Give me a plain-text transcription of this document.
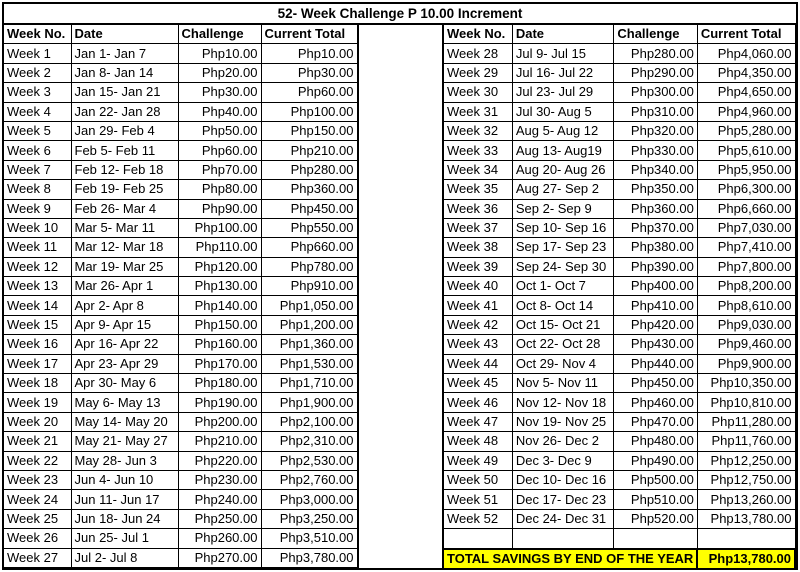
52- Week Challenge P 10.00 Increment
Week No.	Date	Challenge	Current Total
Week 1	Jan 1- Jan 7	Php10.00	Php10.00
Week 2	Jan 8- Jan 14	Php20.00	Php30.00
Week 3	Jan 15- Jan 21	Php30.00	Php60.00
Week 4	Jan 22- Jan 28	Php40.00	Php100.00
Week 5	Jan 29- Feb 4	Php50.00	Php150.00
Week 6	Feb 5- Feb 11	Php60.00	Php210.00
Week 7	Feb 12- Feb 18	Php70.00	Php280.00
Week 8	Feb 19- Feb 25	Php80.00	Php360.00
Week 9	Feb 26- Mar 4	Php90.00	Php450.00
Week 10	Mar 5- Mar 11	Php100.00	Php550.00
Week 11	Mar 12- Mar 18	Php110.00	Php660.00
Week 12	Mar 19- Mar 25	Php120.00	Php780.00
Week 13	Mar 26- Apr 1	Php130.00	Php910.00
Week 14	Apr 2- Apr 8	Php140.00	Php1,050.00
Week 15	Apr 9- Apr 15	Php150.00	Php1,200.00
Week 16	Apr 16- Apr 22	Php160.00	Php1,360.00
Week 17	Apr 23- Apr 29	Php170.00	Php1,530.00
Week 18	Apr 30- May 6	Php180.00	Php1,710.00
Week 19	May 6- May 13	Php190.00	Php1,900.00
Week 20	May 14- May 20	Php200.00	Php2,100.00
Week 21	May 21- May 27	Php210.00	Php2,310.00
Week 22	May 28- Jun 3	Php220.00	Php2,530.00
Week 23	Jun 4- Jun 10	Php230.00	Php2,760.00
Week 24	Jun 11- Jun 17	Php240.00	Php3,000.00
Week 25	Jun 18- Jun 24	Php250.00	Php3,250.00
Week 26	Jun 25- Jul 1	Php260.00	Php3,510.00
Week 27	Jul 2- Jul 8	Php270.00	Php3,780.00
Week No.	Date	Challenge	Current Total
Week 28	Jul 9- Jul 15	Php280.00	Php4,060.00
Week 29	Jul 16- Jul 22	Php290.00	Php4,350.00
Week 30	Jul 23- Jul 29	Php300.00	Php4,650.00
Week 31	Jul 30- Aug 5	Php310.00	Php4,960.00
Week 32	Aug 5- Aug 12	Php320.00	Php5,280.00
Week 33	Aug 13- Aug19	Php330.00	Php5,610.00
Week 34	Aug 20- Aug 26	Php340.00	Php5,950.00
Week 35	Aug 27- Sep 2	Php350.00	Php6,300.00
Week 36	Sep 2- Sep 9	Php360.00	Php6,660.00
Week 37	Sep 10- Sep 16	Php370.00	Php7,030.00
Week 38	Sep 17- Sep 23	Php380.00	Php7,410.00
Week 39	Sep 24- Sep 30	Php390.00	Php7,800.00
Week 40	Oct 1- Oct 7	Php400.00	Php8,200.00
Week 41	Oct 8- Oct 14	Php410.00	Php8,610.00
Week 42	Oct 15- Oct 21	Php420.00	Php9,030.00
Week 43	Oct 22- Oct 28	Php430.00	Php9,460.00
Week 44	Oct 29- Nov 4	Php440.00	Php9,900.00
Week 45	Nov 5- Nov 11	Php450.00	Php10,350.00
Week 46	Nov 12- Nov 18	Php460.00	Php10,810.00
Week 47	Nov 19- Nov 25	Php470.00	Php11,280.00
Week 48	Nov 26- Dec 2	Php480.00	Php11,760.00
Week 49	Dec 3- Dec 9	Php490.00	Php12,250.00
Week 50	Dec 10- Dec 16	Php500.00	Php12,750.00
Week 51	Dec 17- Dec 23	Php510.00	Php13,260.00
Week 52	Dec 24- Dec 31	Php520.00	Php13,780.00

TOTAL SAVINGS BY END OF THE YEAR			Php13,780.00
